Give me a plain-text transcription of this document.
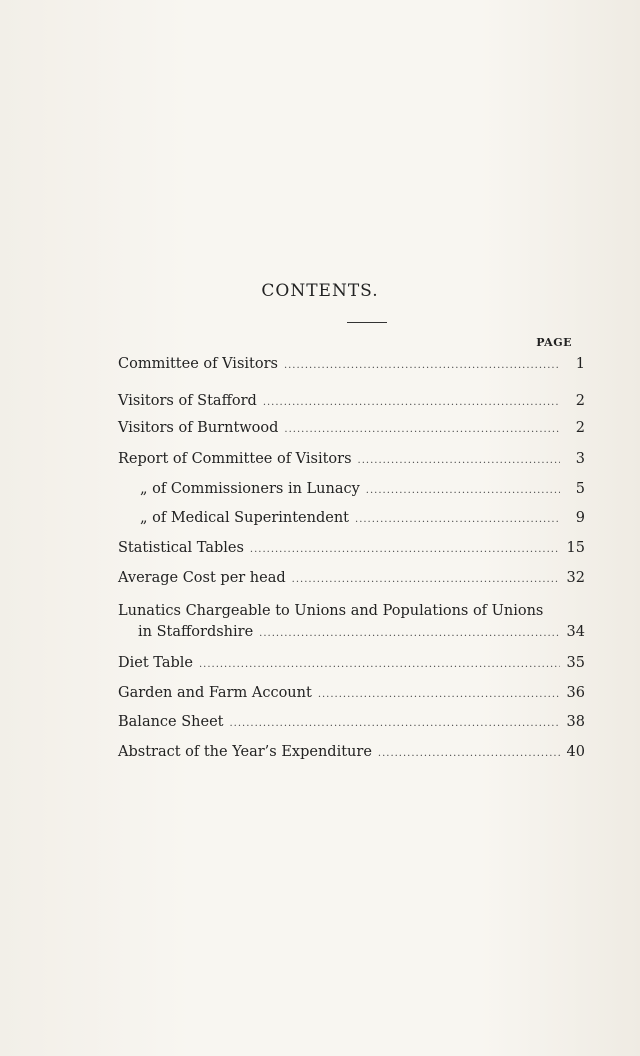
CONTENTS.
PAGE
Committee of Visitors .....	1
Visitors of Stafford .....	2
Visitors of Burntwood .....	2
Report of Committee of Visitors .....	3
„ of Commissioners in Lunacy .....	5
„ of Medical Superintendent .....	9
Statistical Tables .....	15
Average Cost per head .....	32
Lunatics Chargeable to Unions and Populations of Unions
in Staffordshire .....	34
Diet Table .....	35
Garden and Farm Account .....	36
Balance Sheet .....	38
Abstract of the Year’s Expenditure .....	40
